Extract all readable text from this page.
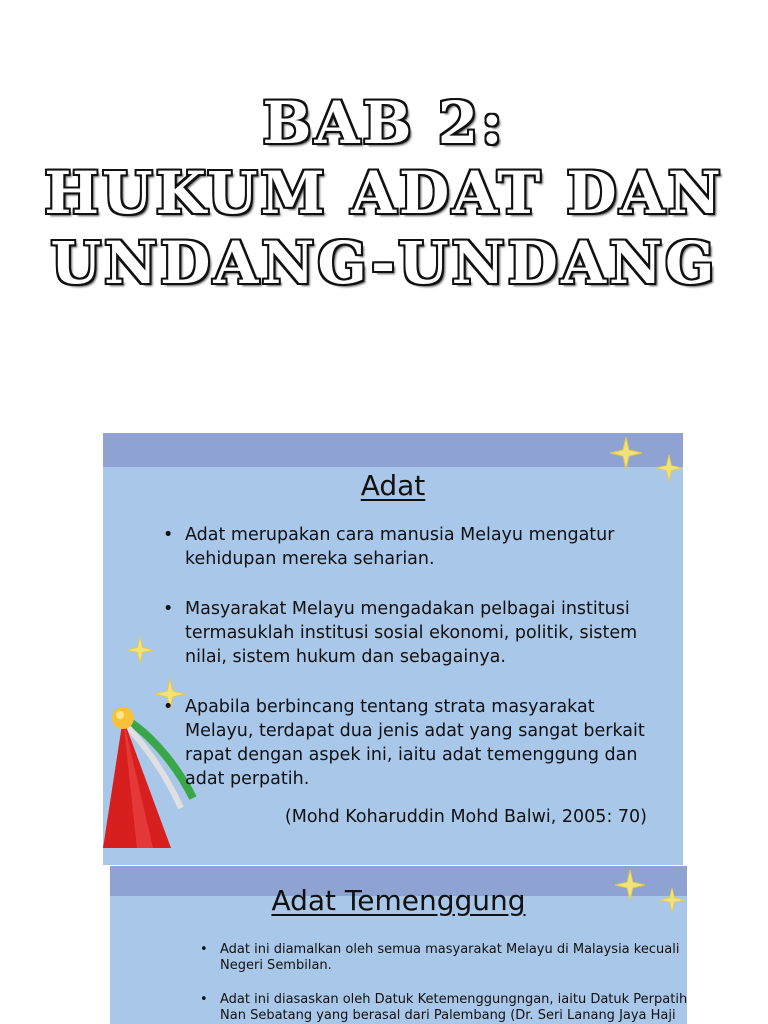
BAB 2:
HUKUM ADAT DAN
UNDANG-UNDANG
Adat
• Adat merupakan cara manusia Melayu mengatur kehidupan mereka seharian.
• Masyarakat Melayu mengadakan pelbagai institusi termasuklah institusi sosial ekonomi, politik, sistem nilai, sistem hukum dan sebagainya.
• Apabila berbincang tentang strata masyarakat Melayu, terdapat dua jenis adat yang sangat berkait rapat dengan aspek ini, iaitu adat temenggung dan adat perpatih.
(Mohd Koharuddin Mohd Balwi, 2005: 70)
Adat Temenggung
• Adat ini diamalkan oleh semua masyarakat Melayu di Malaysia kecuali Negeri Sembilan.
• Adat ini diasaskan oleh Datuk Ketemenggungngan, iaitu Datuk Perpatih Nan Sebatang yang berasal dari Palembang (Dr. Seri Lanang Jaya Haji
